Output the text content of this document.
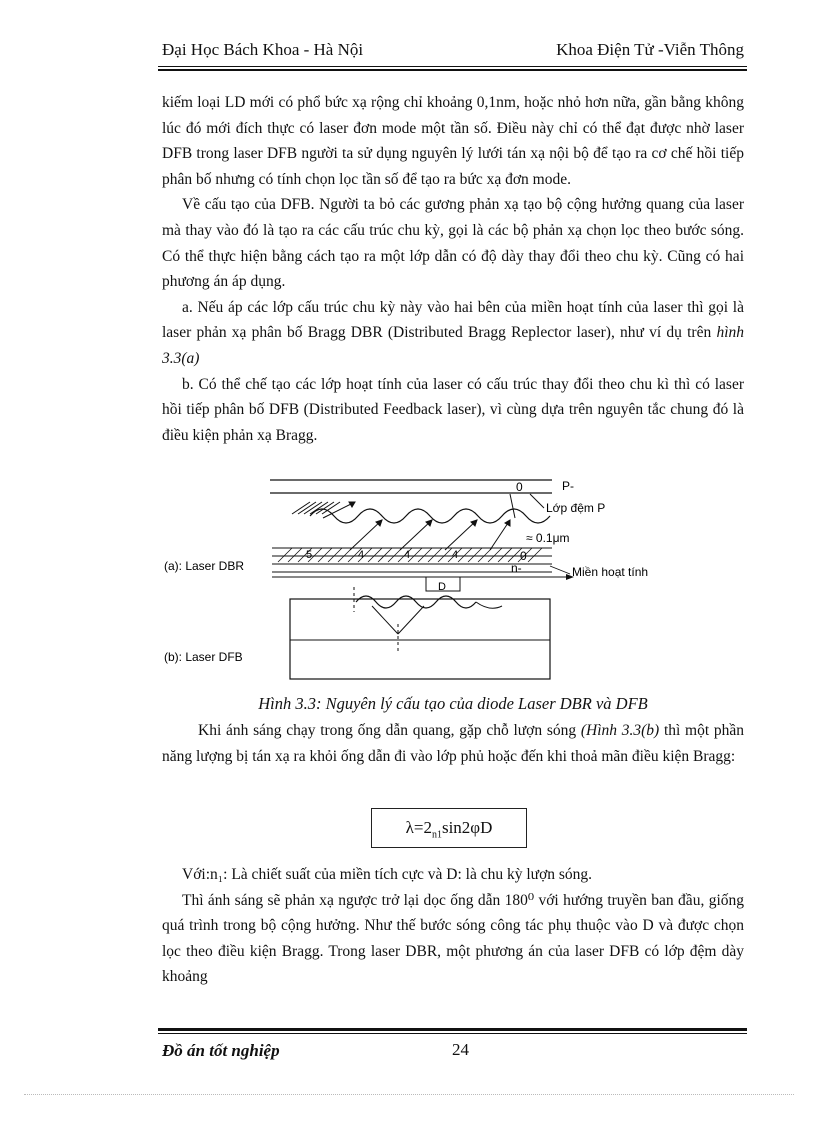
Đại Học Bách Khoa - Hà Nội	Khoa Điện Tử -Viễn Thông

kiếm loại LD mới có phổ bức xạ rộng chỉ khoảng 0,1nm, hoặc nhỏ hơn nữa, gần bằng không lúc đó mới đích thực có laser đơn mode một tần số. Điều này chỉ có thể đạt được nhờ laser DFB trong laser DFB người ta sử dụng nguyên lý lưới tán xạ nội bộ để tạo ra cơ chế hồi tiếp phân bố nhưng có tính chọn lọc tần số để tạo ra bức xạ đơn mode.

Về cấu tạo của DFB. Người ta bỏ các gương phản xạ tạo bộ cộng hưởng quang của laser mà thay vào đó là tạo ra các cấu trúc chu kỳ, gọi là các bộ phản xạ chọn lọc theo bước sóng. Có thể thực hiện bằng cách tạo ra một lớp dẫn có độ dày thay đổi theo chu kỳ. Cũng có hai phương án áp dụng.

a. Nếu áp các lớp cấu trúc chu kỳ này vào hai bên của miền hoạt tính của laser thì gọi là laser phản xạ phân bố Bragg DBR (Distributed Bragg Replector laser), như ví dụ trên hình 3.3(a)

b. Có thể chế tạo các lớp hoạt tính của laser có cấu trúc thay đổi theo chu kì thì có laser hồi tiếp phân bố DFB (Distributed Feedback laser), vì cùng dựa trên nguyên tắc chung đó là điều kiện phản xạ Bragg.

0	P-
Lớp đệm P
≈ 0.1μm
5	4	4	4	0
n-	Miền hoạt tính
(a): Laser DBR
D
(b): Laser DFB
Hình 3.3: Nguyên lý cấu tạo của diode Laser DBR và DFB

Khi ánh sáng chạy trong ống dẫn quang, gặp chỗ lượn sóng (Hình 3.3(b) thì một phần năng lượng bị tán xạ ra khỏi ống dẫn đi vào lớp phủ hoặc đến khi thoả mãn điều kiện Bragg:

$\lambda=2_{n1}\sin 2\varphi D$

Với:n₁: Là chiết suất của miền tích cực và D: là chu kỳ lượn sóng.

Thì ánh sáng sẽ phản xạ ngược trở lại dọc ống dẫn 180⁰ với hướng truyền ban đầu, giống quá trình trong bộ cộng hưởng. Như thế bước sóng công tác phụ thuộc vào D và được chọn lọc theo điều kiện Bragg. Trong laser DBR, một phương án của laser DFB có lớp đệm dày khoảng

Đồ án tốt nghiệp	24
